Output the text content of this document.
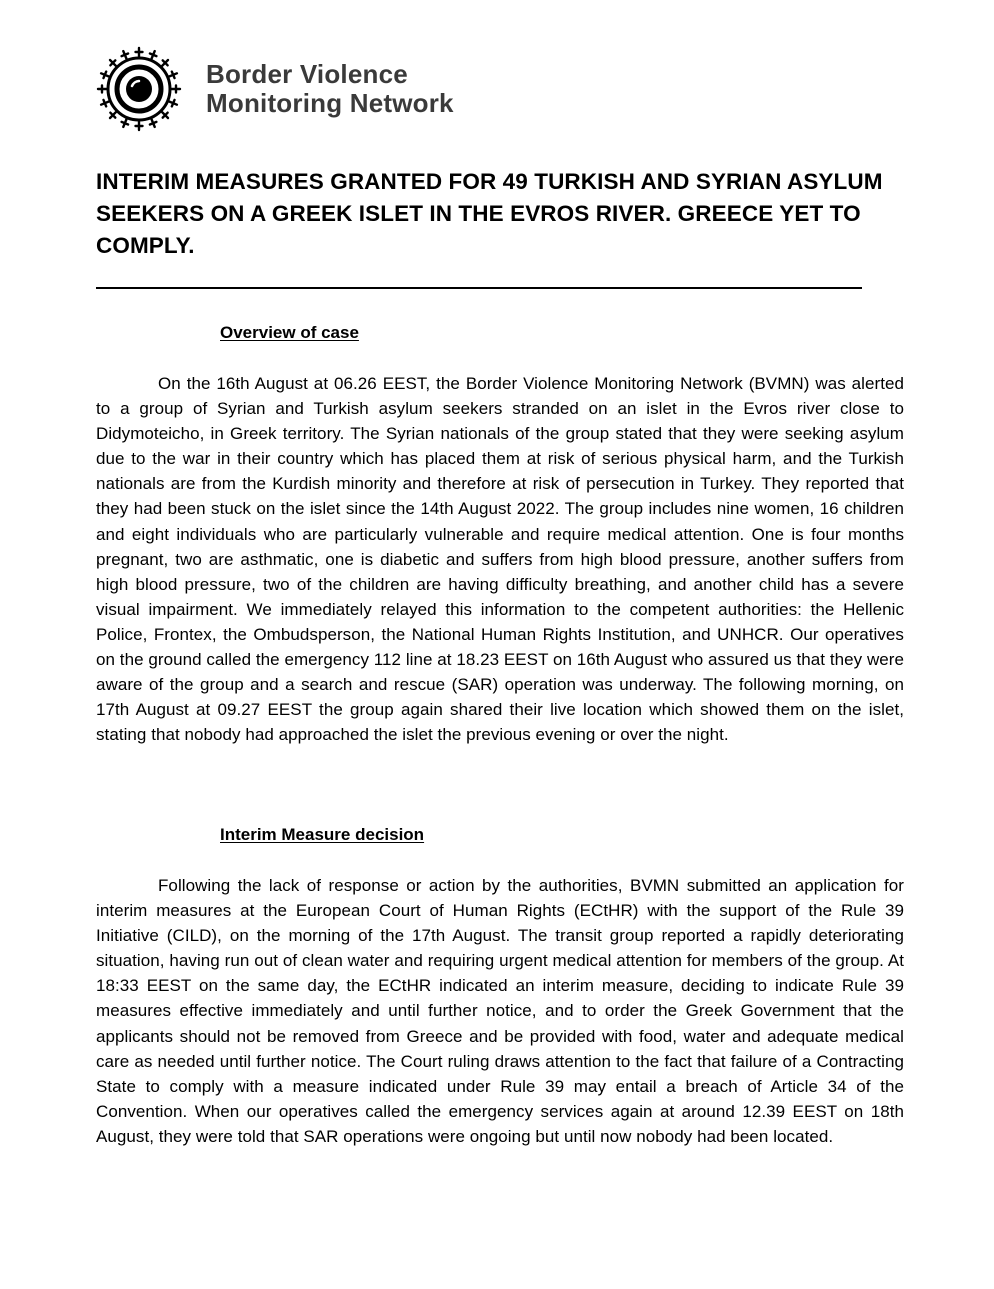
Border Violence
Monitoring Network
INTERIM MEASURES GRANTED FOR 49 TURKISH AND SYRIAN ASYLUM SEEKERS ON A GREEK ISLET IN THE EVROS RIVER. GREECE YET TO COMPLY.
Overview of case

On the 16th August at 06.26 EEST, the Border Violence Monitoring Network (BVMN) was alerted to a group of Syrian and Turkish asylum seekers stranded on an islet in the Evros river close to Didymoteicho, in Greek territory. The Syrian nationals of the group stated that they were seeking asylum due to the war in their country which has placed them at risk of serious physical harm, and the Turkish nationals are from the Kurdish minority and therefore at risk of persecution in Turkey. They reported that they had been stuck on the islet since the 14th August 2022. The group includes nine women, 16 children and eight individuals who are particularly vulnerable and require medical attention. One is four months pregnant, two are asthmatic, one is diabetic and suffers from high blood pressure, another suffers from high blood pressure, two of the children are having difficulty breathing, and another child has a severe visual impairment. We immediately relayed this information to the competent authorities: the Hellenic Police, Frontex, the Ombudsperson, the National Human Rights Institution, and UNHCR. Our operatives on the ground called the emergency 112 line at 18.23 EEST on 16th August who assured us that they were aware of the group and a search and rescue (SAR) operation was underway. The following morning, on 17th August at 09.27 EEST the group again shared their live location which showed them on the islet, stating that nobody had approached the islet the previous evening or over the night.

Interim Measure decision

Following the lack of response or action by the authorities, BVMN submitted an application for interim measures at the European Court of Human Rights (ECtHR) with the support of the Rule 39 Initiative (CILD), on the morning of the 17th August. The transit group reported a rapidly deteriorating situation, having run out of clean water and requiring urgent medical attention for members of the group. At 18:33 EEST on the same day, the ECtHR indicated an interim measure, deciding to indicate Rule 39 measures effective immediately and until further notice, and to order the Greek Government that the applicants should not be removed from Greece and be provided with food, water and adequate medical care as needed until further notice. The Court ruling draws attention to the fact that failure of a Contracting State to comply with a measure indicated under Rule 39 may entail a breach of Article 34 of the Convention. When our operatives called the emergency services again at around 12.39 EEST on 18th August, they were told that SAR operations were ongoing but until now nobody had been located.
